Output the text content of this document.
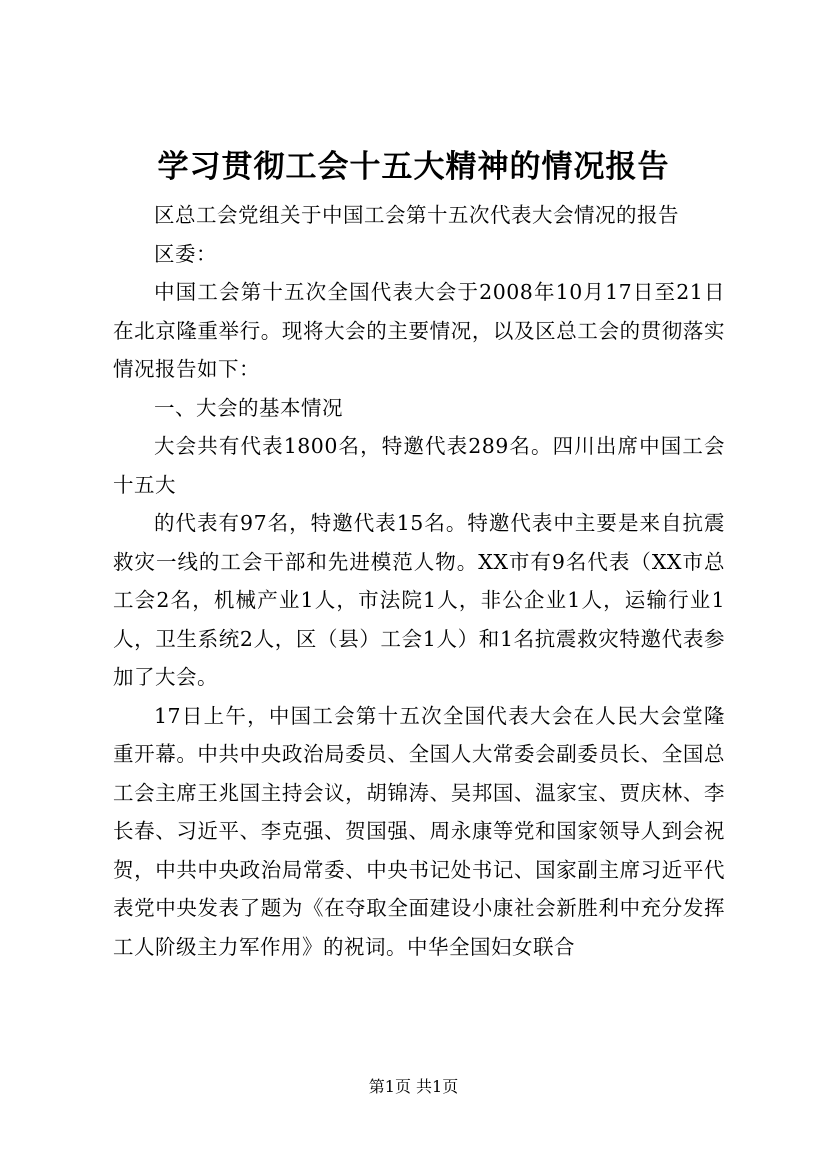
学习贯彻工会十五大精神的情况报告

区总工会党组关于中国工会第十五次代表大会情况的报告

区委：

中国工会第十五次全国代表大会于2008年10月17日至21日在北京隆重举行。现将大会的主要情况，以及区总工会的贯彻落实情况报告如下：

一、大会的基本情况

大会共有代表1800名，特邀代表289名。四川出席中国工会十五大

的代表有97名，特邀代表15名。特邀代表中主要是来自抗震救灾一线的工会干部和先进模范人物。XX市有9名代表（XX市总工会2名，机械产业1人，市法院1人，非公企业1人，运输行业1人，卫生系统2人，区（县）工会1人）和1名抗震救灾特邀代表参加了大会。

17日上午，中国工会第十五次全国代表大会在人民大会堂隆重开幕。中共中央政治局委员、全国人大常委会副委员长、全国总工会主席王兆国主持会议，胡锦涛、吴邦国、温家宝、贾庆林、李长春、习近平、李克强、贺国强、周永康等党和国家领导人到会祝贺，中共中央政治局常委、中央书记处书记、国家副主席习近平代表党中央发表了题为《在夺取全面建设小康社会新胜利中充分发挥工人阶级主力军作用》的祝词。中华全国妇女联合

第1页 共1页
